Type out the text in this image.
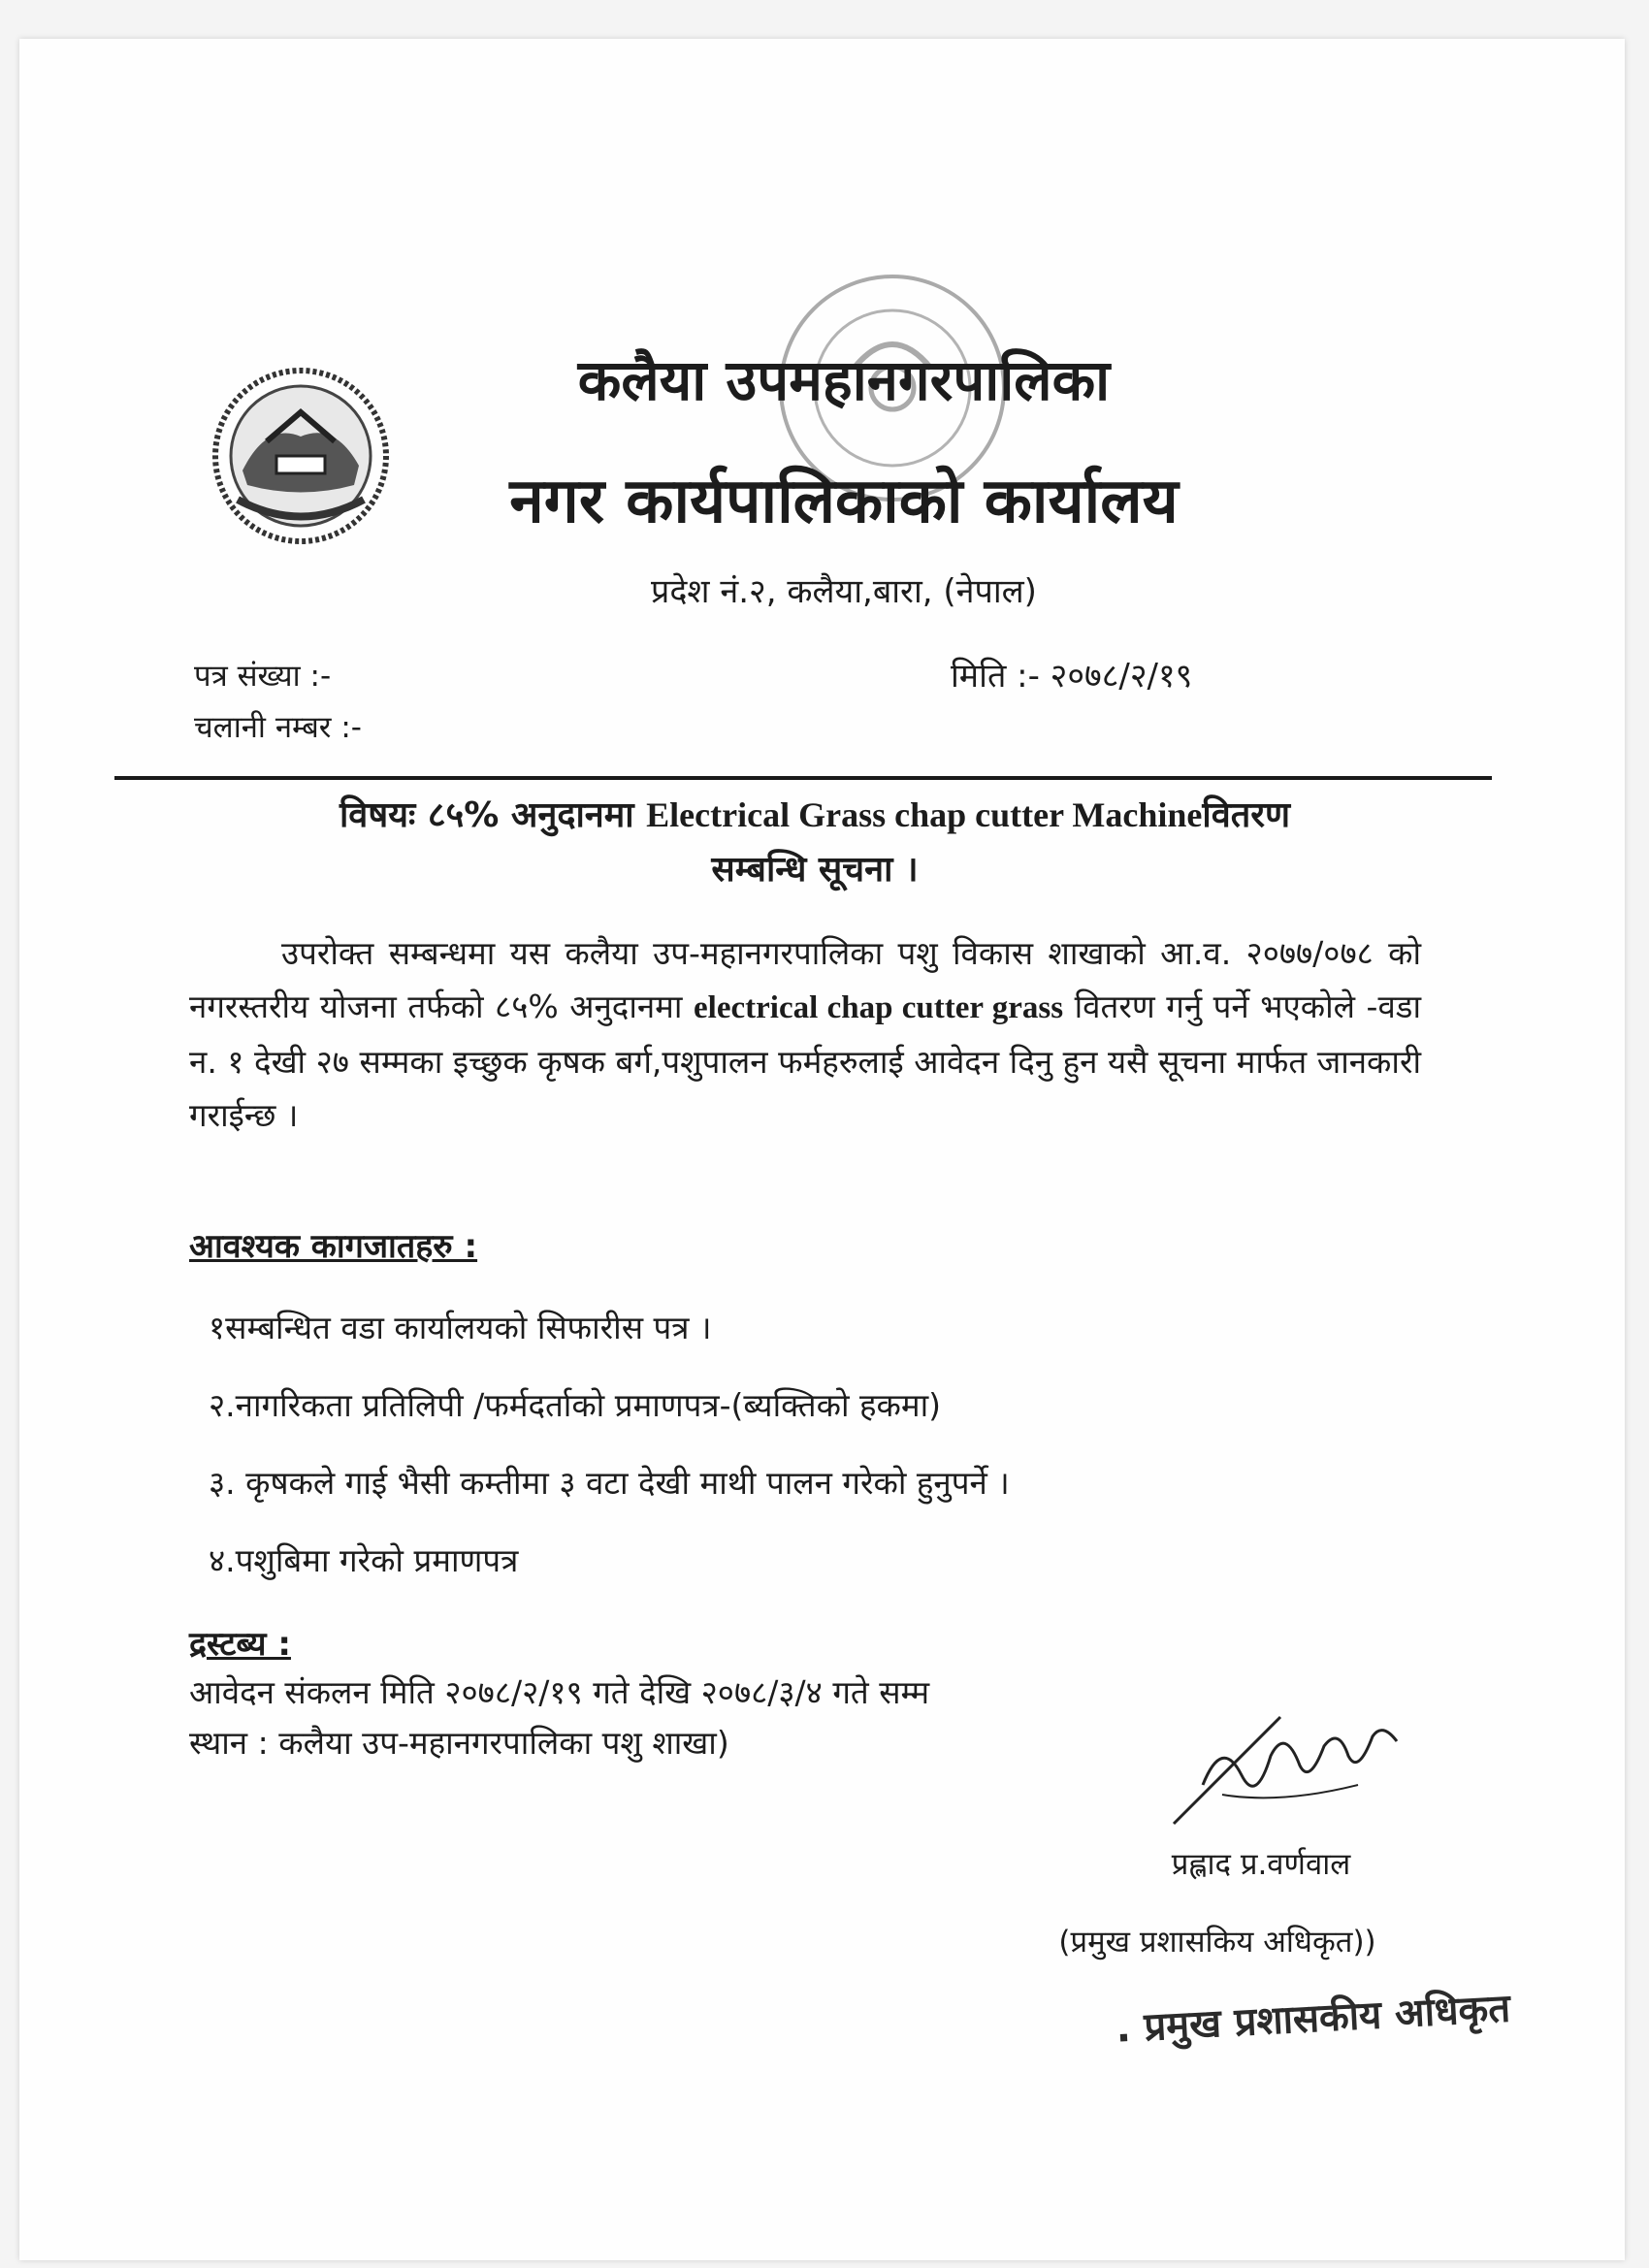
कलैया उपमहानगरपालिका
नगर कार्यपालिकाको कार्यालय
प्रदेश नं.२, कलैया,बारा, (नेपाल)
पत्र संख्या :-
चलानी नम्बर :-
मिति :- २०७८/२/१९
विषयः ८५% अनुदानमा Electrical Grass chap cutter Machineवितरण
सम्बन्धि सूचना ।
उपरोक्त सम्बन्धमा यस कलैया उप-महानगरपालिका पशु विकास शाखाको आ.व. २०७७/०७८ को नगरस्तरीय योजना तर्फको ८५% अनुदानमा electrical chap cutter grass वितरण गर्नु पर्ने भएकोले -वडा न. १ देखी २७ सम्मका इच्छुक कृषक बर्ग,पशुपालन फर्महरुलाई आवेदन दिनु हुन यसै सूचना मार्फत जानकारी गराईन्छ ।
आवश्यक कागजातहरु :
१सम्बन्धित वडा कार्यालयको सिफारीस पत्र ।
२.नागरिकता प्रतिलिपी /फर्मदर्ताको प्रमाणपत्र-(ब्यक्तिको हकमा)
३. कृषकले गाई भैसी कम्तीमा ३ वटा देखी माथी पालन गरेको हुनुपर्ने ।
४.पशुबिमा गरेको प्रमाणपत्र
द्रस्टब्य :
आवेदन संकलन मिति २०७८/२/१९ गते देखि २०७८/३/४ गते सम्म
स्थान : कलैया उप-महानगरपालिका पशु शाखा)
प्रह्लाद प्र.वर्णवाल
(प्रमुख प्रशासकिय अधिकृत))
. प्रमुख प्रशासकीय अधिकृत
